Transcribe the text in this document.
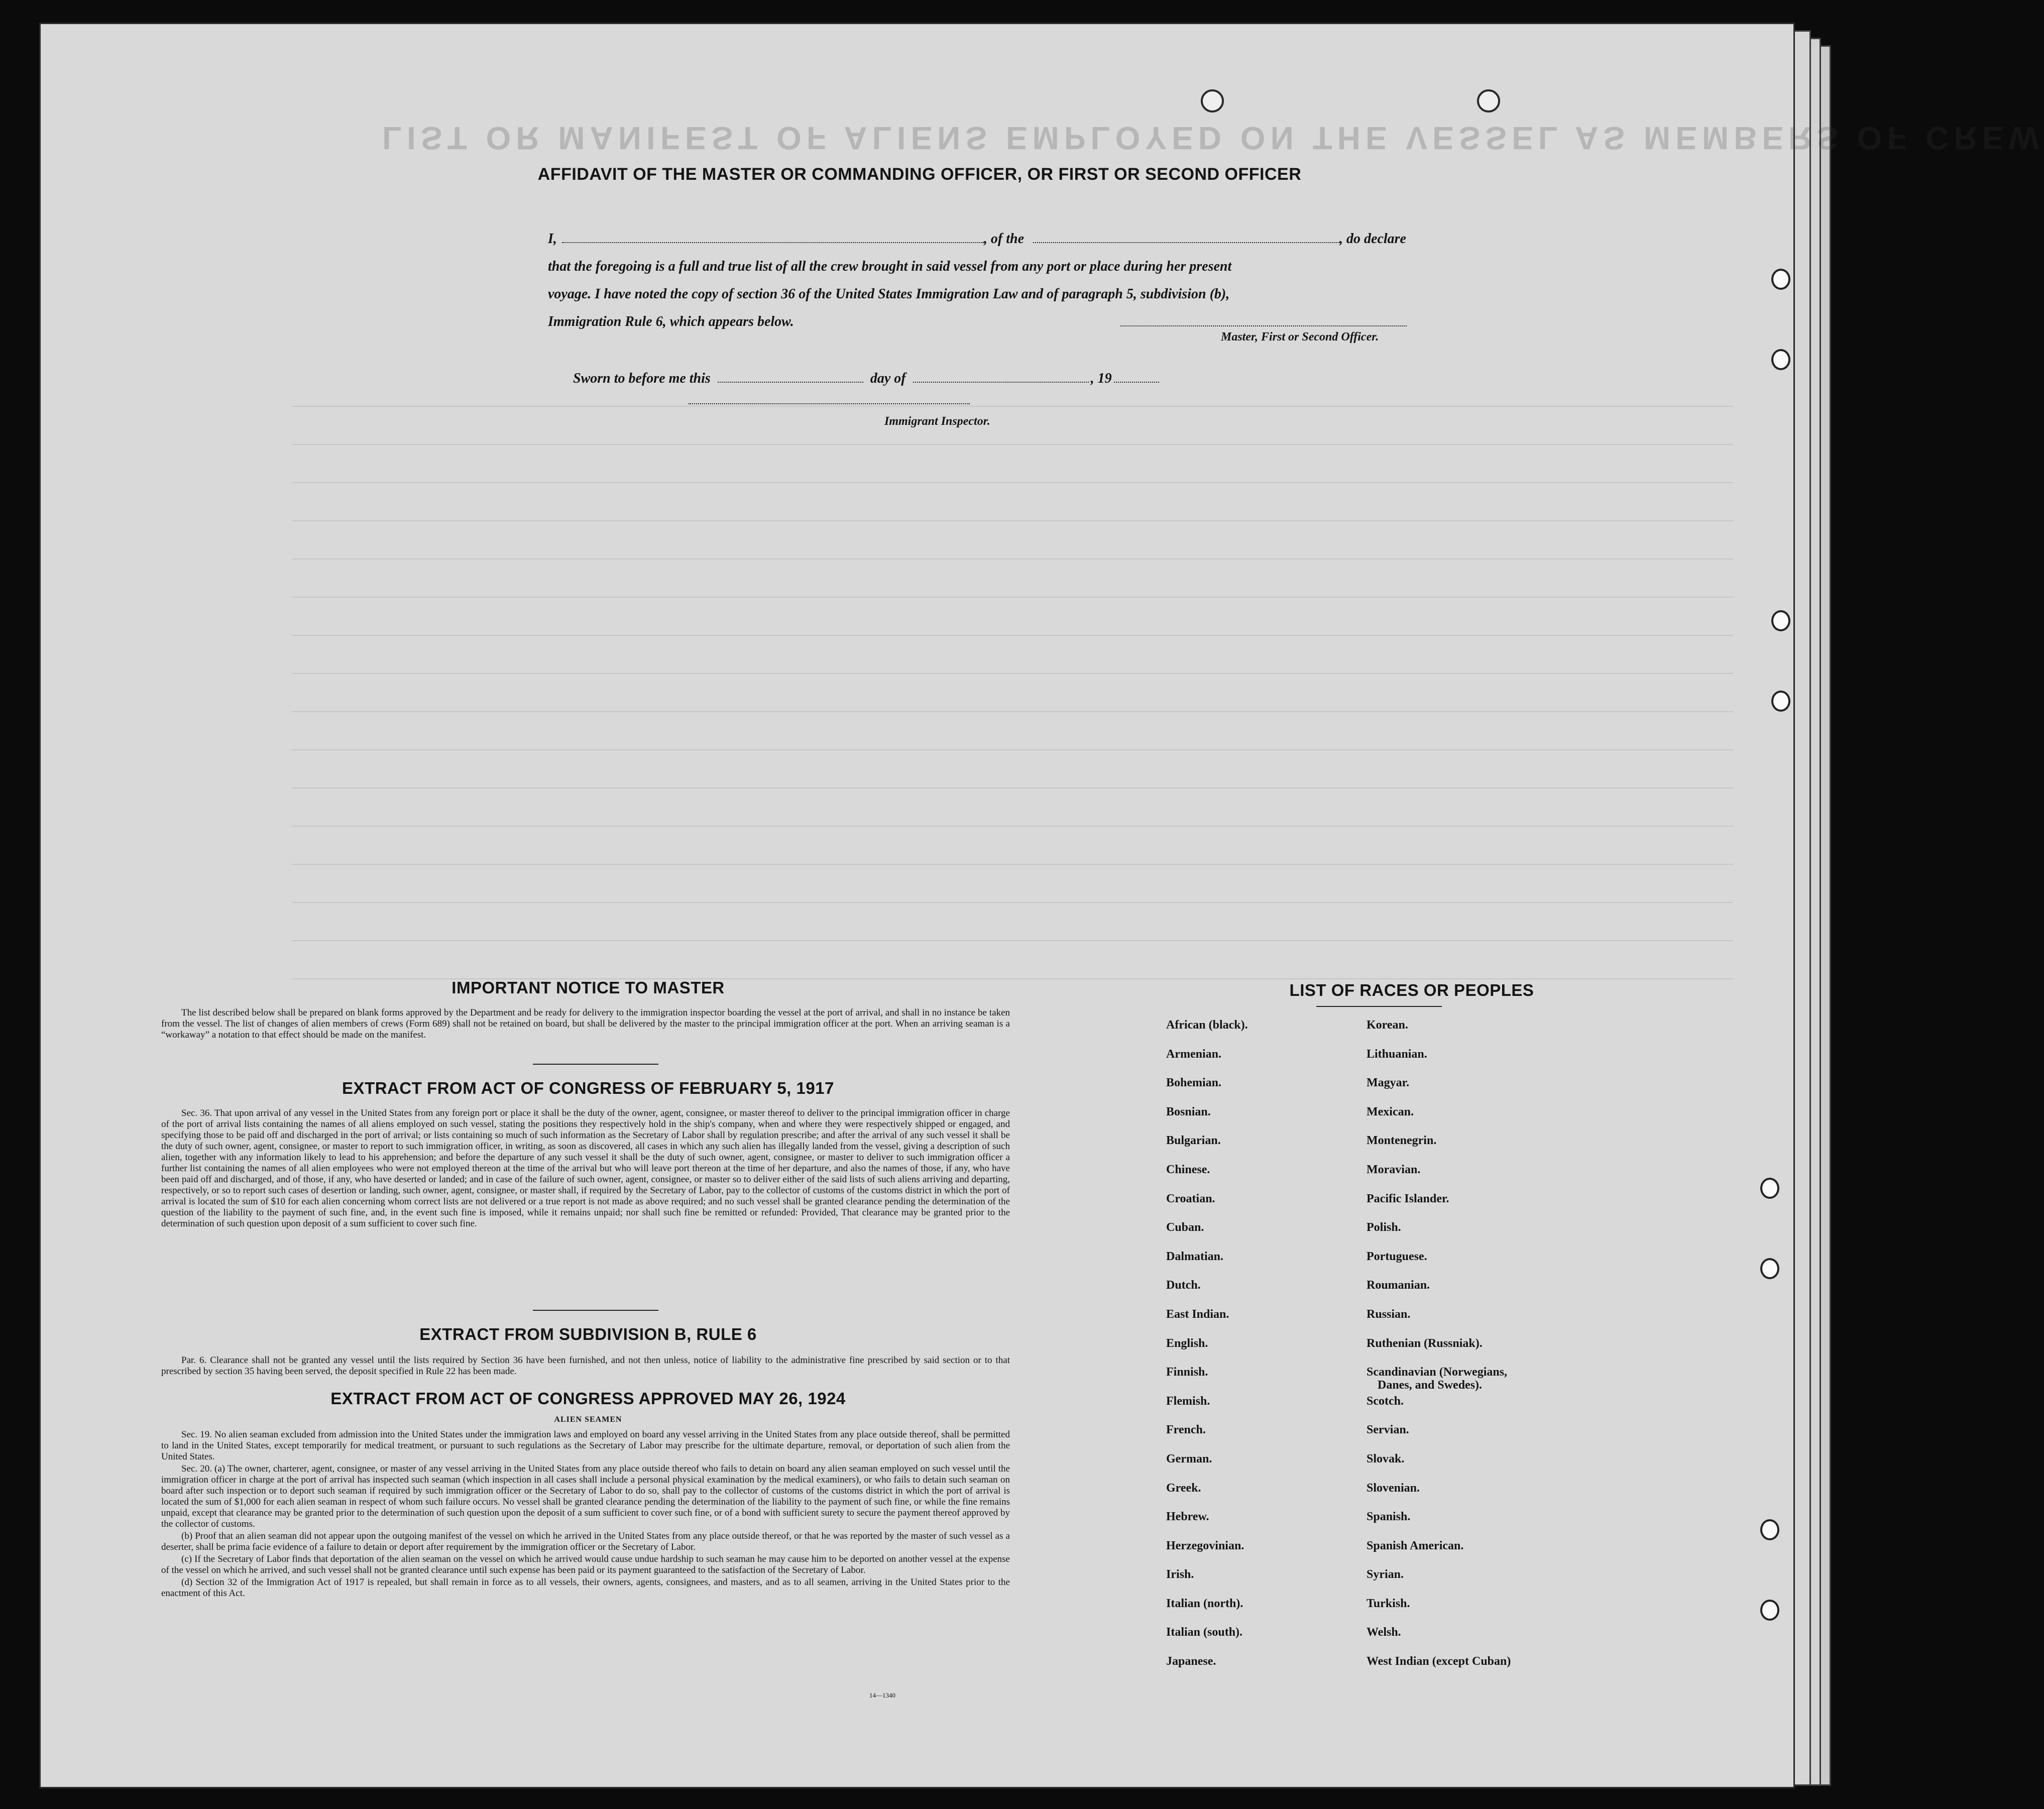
LIST OR MANIFEST OF ALIENS EMPLOYED ON THE VESSEL AS MEMBERS OF CREW
AFFIDAVIT OF THE MASTER OR COMMANDING OFFICER, OR FIRST OR SECOND OFFICER
I,	, of the	, do declare
that the foregoing is a full and true list of all the crew brought in said vessel from any port or place during her present
voyage. I have noted the copy of section 36 of the United States Immigration Law and of paragraph 5, subdivision (b),
Immigration Rule 6, which appears below.
Master, First or Second Officer.
Sworn to before me this	day of	, 19
Immigrant Inspector.
IMPORTANT NOTICE TO MASTER

The list described below shall be prepared on blank forms approved by the Department and be ready for delivery to the immigration inspector boarding the vessel at the port of arrival, and shall in no instance be taken from the vessel. The list of changes of alien members of crews (Form 689) shall not be retained on board, but shall be delivered by the master to the principal immigration officer at the port. When an arriving seaman is a “workaway” a notation to that effect should be made on the manifest.

EXTRACT FROM ACT OF CONGRESS OF FEBRUARY 5, 1917

Sec. 36. That upon arrival of any vessel in the United States from any foreign port or place it shall be the duty of the owner, agent, consignee, or master thereof to deliver to the principal immigration officer in charge of the port of arrival lists containing the names of all aliens employed on such vessel, stating the positions they respectively hold in the ship's company, when and where they were respectively shipped or engaged, and specifying those to be paid off and discharged in the port of arrival; or lists containing so much of such information as the Secretary of Labor shall by regulation prescribe; and after the arrival of any such vessel it shall be the duty of such owner, agent, consignee, or master to report to such immigration officer, in writing, as soon as discovered, all cases in which any such alien has illegally landed from the vessel, giving a description of such alien, together with any information likely to lead to his apprehension; and before the departure of any such vessel it shall be the duty of such owner, agent, consignee, or master to deliver to such immigration officer a further list containing the names of all alien employees who were not employed thereon at the time of the arrival but who will leave port thereon at the time of her departure, and also the names of those, if any, who have been paid off and discharged, and of those, if any, who have deserted or landed; and in case of the failure of such owner, agent, consignee, or master so to deliver either of the said lists of such aliens arriving and departing, respectively, or so to report such cases of desertion or landing, such owner, agent, consignee, or master shall, if required by the Secretary of Labor, pay to the collector of customs of the customs district in which the port of arrival is located the sum of $10 for each alien concerning whom correct lists are not delivered or a true report is not made as above required; and no such vessel shall be granted clearance pending the determination of the question of the liability to the payment of such fine, and, in the event such fine is imposed, while it remains unpaid; nor shall such fine be remitted or refunded: Provided, That clearance may be granted prior to the determination of such question upon deposit of a sum sufficient to cover such fine.

EXTRACT FROM SUBDIVISION B, RULE 6

Par. 6. Clearance shall not be granted any vessel until the lists required by Section 36 have been furnished, and not then unless, notice of liability to the administrative fine prescribed by said section or to that prescribed by section 35 having been served, the deposit specified in Rule 22 has been made.

EXTRACT FROM ACT OF CONGRESS APPROVED MAY 26, 1924
ALIEN SEAMEN

Sec. 19. No alien seaman excluded from admission into the United States under the immigration laws and employed on board any vessel arriving in the United States from any place outside thereof, shall be permitted to land in the United States, except temporarily for medical treatment, or pursuant to such regulations as the Secretary of Labor may prescribe for the ultimate departure, removal, or deportation of such alien from the United States.

Sec. 20. (a) The owner, charterer, agent, consignee, or master of any vessel arriving in the United States from any place outside thereof who fails to detain on board any alien seaman employed on such vessel until the immigration officer in charge at the port of arrival has inspected such seaman (which inspection in all cases shall include a personal physical examination by the medical examiners), or who fails to detain such seaman on board after such inspection or to deport such seaman if required by such immigration officer or the Secretary of Labor to do so, shall pay to the collector of customs of the customs district in which the port of arrival is located the sum of $1,000 for each alien seaman in respect of whom such failure occurs. No vessel shall be granted clearance pending the determination of the liability to the payment of such fine, or while the fine remains unpaid, except that clearance may be granted prior to the determination of such question upon the deposit of a sum sufficient to cover such fine, or of a bond with sufficient surety to secure the payment thereof approved by the collector of customs.

(b) Proof that an alien seaman did not appear upon the outgoing manifest of the vessel on which he arrived in the United States from any place outside thereof, or that he was reported by the master of such vessel as a deserter, shall be prima facie evidence of a failure to detain or deport after requirement by the immigration officer or the Secretary of Labor.

(c) If the Secretary of Labor finds that deportation of the alien seaman on the vessel on which he arrived would cause undue hardship to such seaman he may cause him to be deported on another vessel at the expense of the vessel on which he arrived, and such vessel shall not be granted clearance until such expense has been paid or its payment guaranteed to the satisfaction of the Secretary of Labor.

(d) Section 32 of the Immigration Act of 1917 is repealed, but shall remain in force as to all vessels, their owners, agents, consignees, and masters, and as to all seamen, arriving in the United States prior to the enactment of this Act.

14—1340
LIST OF RACES OR PEOPLES
African (black).
Armenian.
Bohemian.
Bosnian.
Bulgarian.
Chinese.
Croatian.
Cuban.
Dalmatian.
Dutch.
East Indian.
English.
Finnish.
Flemish.
French.
German.
Greek.
Hebrew.
Herzegovinian.
Irish.
Italian (north).
Italian (south).
Japanese.
Korean.
Lithuanian.
Magyar.
Mexican.
Montenegrin.
Moravian.
Pacific Islander.
Polish.
Portuguese.
Roumanian.
Russian.
Ruthenian (Russniak).
Scandinavian (Norwegians,
Danes, and Swedes).
Scotch.
Servian.
Slovak.
Slovenian.
Spanish.
Spanish American.
Syrian.
Turkish.
Welsh.
West Indian (except Cuban)
